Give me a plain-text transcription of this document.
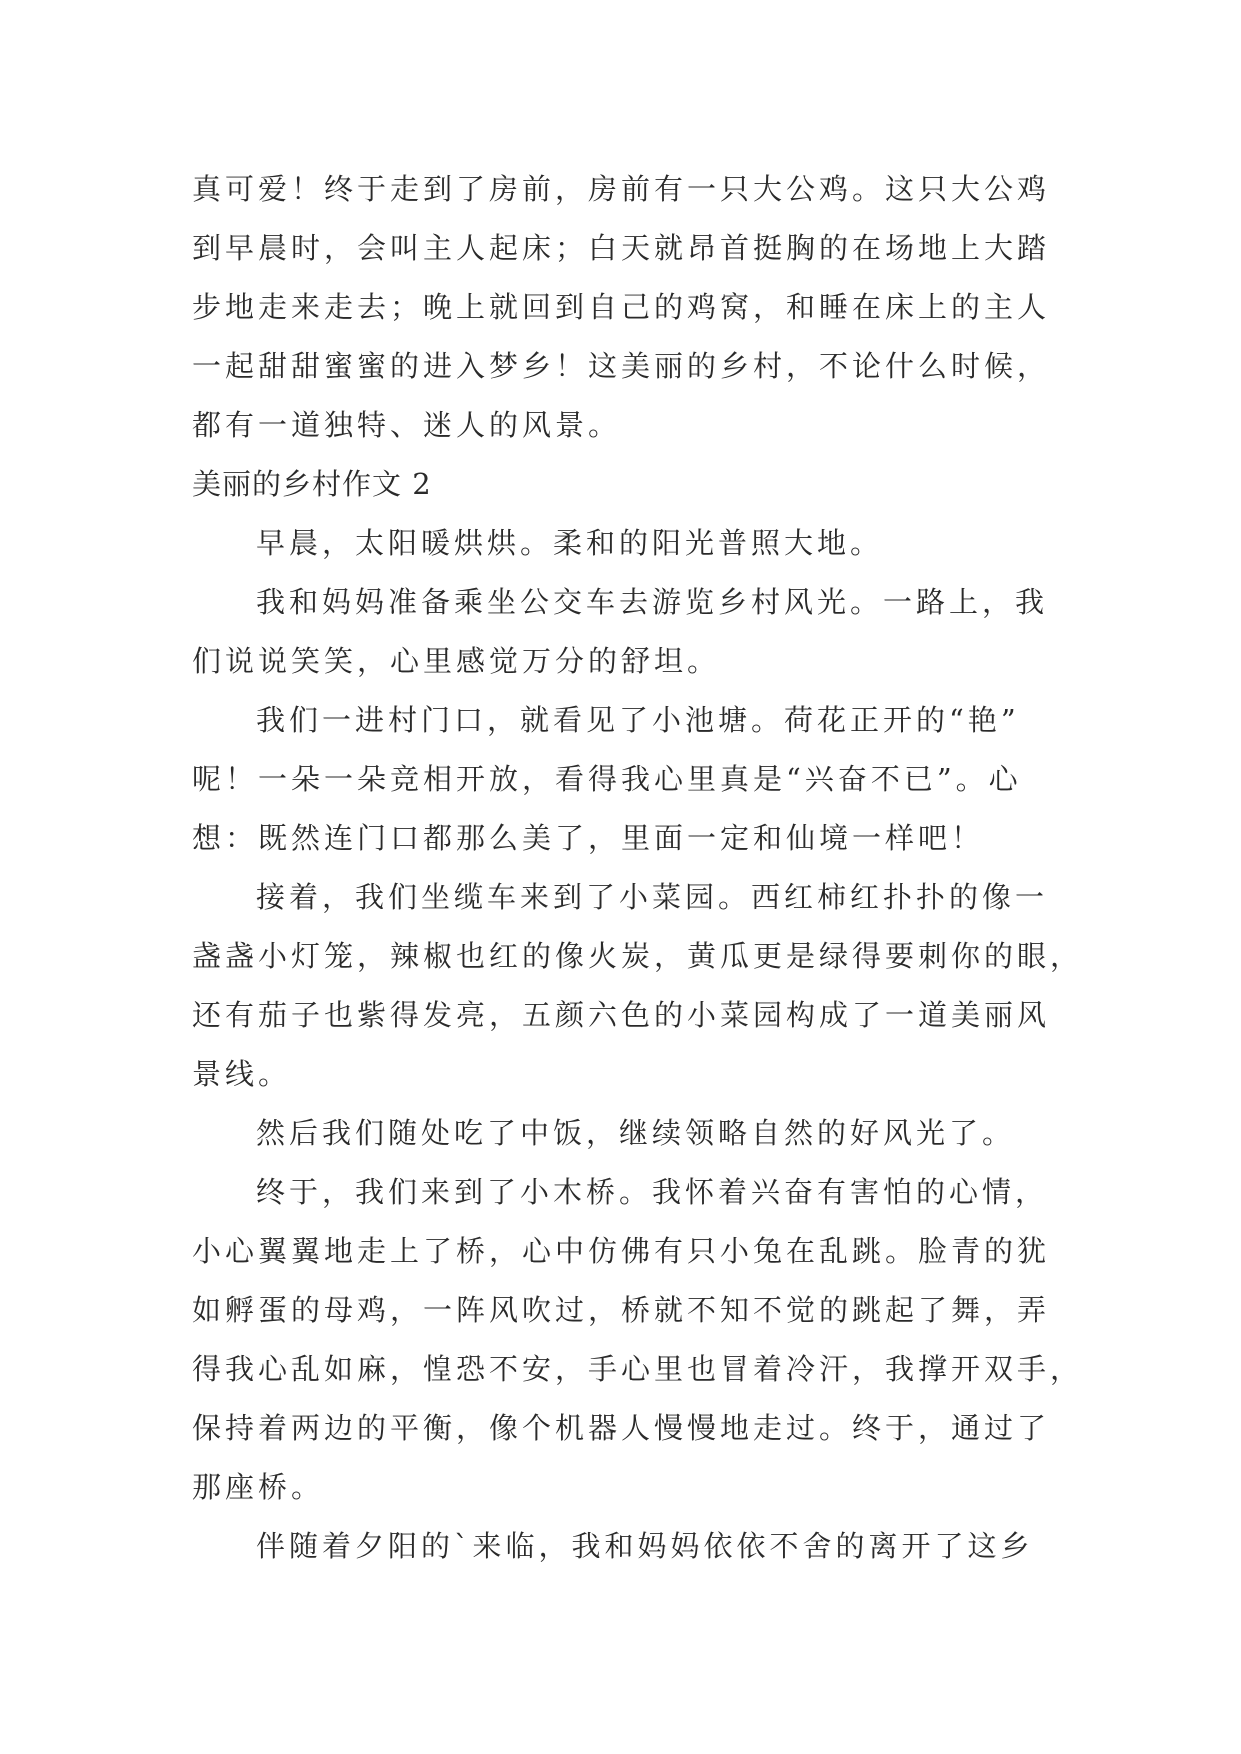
真可爱！终于走到了房前，房前有一只大公鸡。这只大公鸡
到早晨时，会叫主人起床；白天就昂首挺胸的在场地上大踏
步地走来走去；晚上就回到自己的鸡窝，和睡在床上的主人
一起甜甜蜜蜜的进入梦乡！这美丽的乡村，不论什么时候，
都有一道独特、迷人的风景。
美丽的乡村作文 2
早晨，太阳暖烘烘。柔和的阳光普照大地。
我和妈妈准备乘坐公交车去游览乡村风光。一路上，我
们说说笑笑，心里感觉万分的舒坦。
我们一进村门口，就看见了小池塘。荷花正开的“艳”
呢！一朵一朵竞相开放，看得我心里真是“兴奋不已”。心
想：既然连门口都那么美了，里面一定和仙境一样吧！
接着，我们坐缆车来到了小菜园。西红柿红扑扑的像一
盏盏小灯笼，辣椒也红的像火炭，黄瓜更是绿得要刺你的眼，
还有茄子也紫得发亮，五颜六色的小菜园构成了一道美丽风
景线。
然后我们随处吃了中饭，继续领略自然的好风光了。
终于，我们来到了小木桥。我怀着兴奋有害怕的心情，
小心翼翼地走上了桥，心中仿佛有只小兔在乱跳。脸青的犹
如孵蛋的母鸡，一阵风吹过，桥就不知不觉的跳起了舞，弄
得我心乱如麻，惶恐不安，手心里也冒着冷汗，我撑开双手，
保持着两边的平衡，像个机器人慢慢地走过。终于，通过了
那座桥。
伴随着夕阳的`来临，我和妈妈依依不舍的离开了这乡
